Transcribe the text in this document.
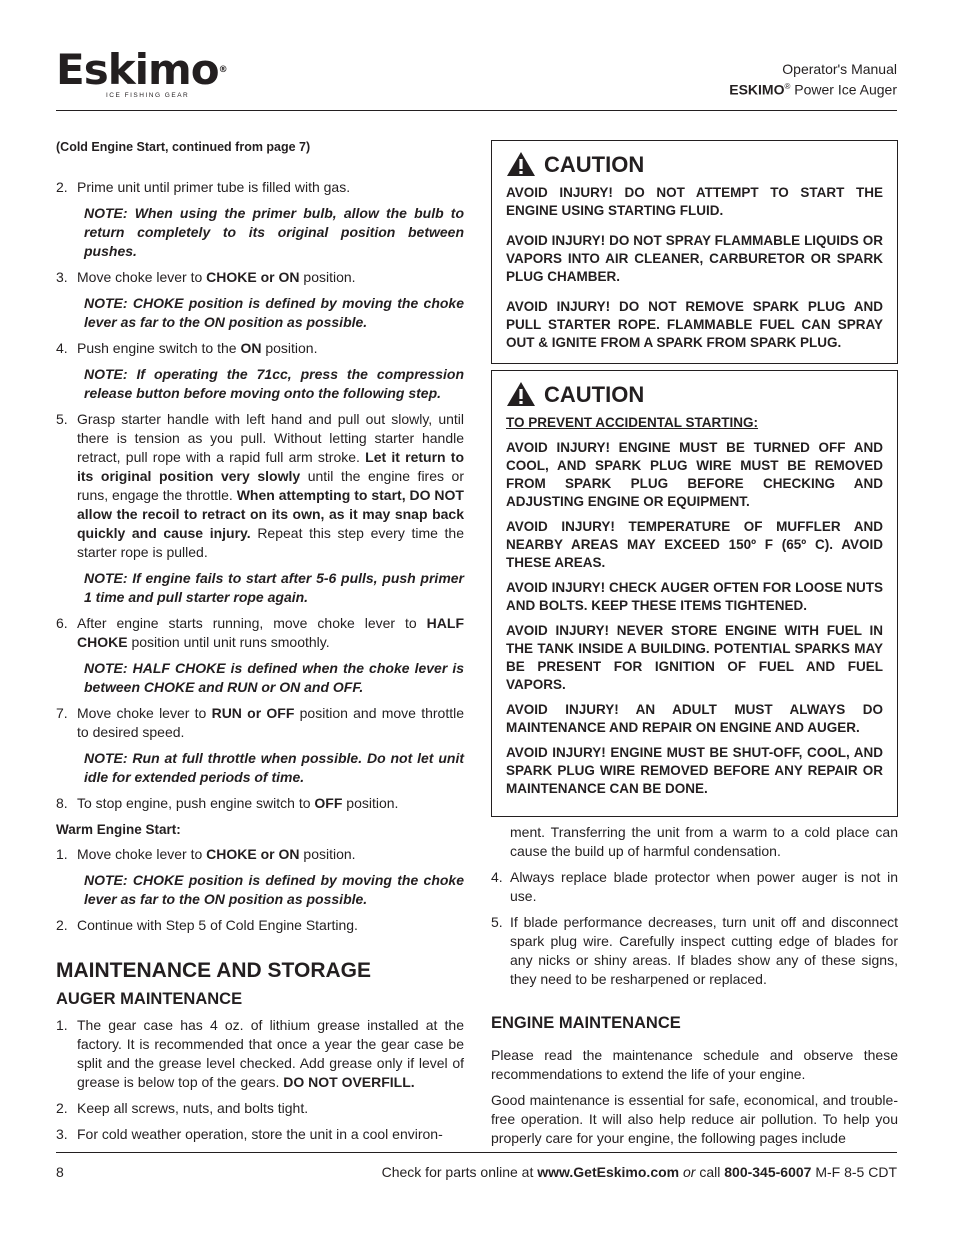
Eskimo®
ICE FISHING GEAR
Operator's Manual
ESKIMO® Power Ice Auger
(Cold Engine Start, continued from page 7)
2. Prime unit until primer tube is filled with gas.
NOTE: When using the primer bulb, allow the bulb to return completely to its original position between pushes.
3. Move choke lever to CHOKE or ON position.
NOTE: CHOKE position is defined by moving the choke lever as far to the ON position as possible.
4. Push engine switch to the ON position.
NOTE: If operating the 71cc, press the compression release button before moving onto the following step.
5. Grasp starter handle with left hand and pull out slowly, until there is tension as you pull. Without letting starter handle retract, pull rope with a rapid full arm stroke. Let it return to its original position very slowly until the engine fires or runs, engage the throttle. When attempting to start, DO NOT allow the recoil to retract on its own, as it may snap back quickly and cause injury. Repeat this step every time the starter rope is pulled.
NOTE: If engine fails to start after 5-6 pulls, push primer 1 time and pull starter rope again.
6. After engine starts running, move choke lever to HALF CHOKE position until unit runs smoothly.
NOTE: HALF CHOKE is defined when the choke lever is between CHOKE and RUN or ON and OFF.
7. Move choke lever to RUN or OFF position and move throttle to desired speed.
NOTE: Run at full throttle when possible. Do not let unit idle for extended periods of time.
8. To stop engine, push engine switch to OFF position.
Warm Engine Start:
1. Move choke lever to CHOKE or ON position.
NOTE: CHOKE position is defined by moving the choke lever as far to the ON position as possible.
2. Continue with Step 5 of Cold Engine Starting.
MAINTENANCE AND STORAGE
AUGER MAINTENANCE
1. The gear case has 4 oz. of lithium grease installed at the factory. It is recommended that once a year the gear case be split and the grease level checked. Add grease only if level of grease is below top of the gears. DO NOT OVERFILL.
2. Keep all screws, nuts, and bolts tight.
3. For cold weather operation, store the unit in a cool environ-
CAUTION

AVOID INJURY! DO NOT ATTEMPT TO START THE ENGINE USING STARTING FLUID.

AVOID INJURY! DO NOT SPRAY FLAMMABLE LIQUIDS OR VAPORS INTO AIR CLEANER, CARBURETOR OR SPARK PLUG CHAMBER.

AVOID INJURY! DO NOT REMOVE SPARK PLUG AND PULL STARTER ROPE. FLAMMABLE FUEL CAN SPRAY OUT & IGNITE FROM A SPARK FROM SPARK PLUG.

CAUTION

TO PREVENT ACCIDENTAL STARTING:

AVOID INJURY! ENGINE MUST BE TURNED OFF AND COOL, AND SPARK PLUG WIRE MUST BE REMOVED FROM SPARK PLUG BEFORE CHECKING AND ADJUSTING ENGINE OR EQUIPMENT.

AVOID INJURY! TEMPERATURE OF MUFFLER AND NEARBY AREAS MAY EXCEED 150º F (65º C). AVOID THESE AREAS.

AVOID INJURY! CHECK AUGER OFTEN FOR LOOSE NUTS AND BOLTS. KEEP THESE ITEMS TIGHTENED.

AVOID INJURY! NEVER STORE ENGINE WITH FUEL IN THE TANK INSIDE A BUILDING. POTENTIAL SPARKS MAY BE PRESENT FOR IGNITION OF FUEL AND FUEL VAPORS.

AVOID INJURY! AN ADULT MUST ALWAYS DO MAINTENANCE AND REPAIR ON ENGINE AND AUGER.

AVOID INJURY! ENGINE MUST BE SHUT-OFF, COOL, AND SPARK PLUG WIRE REMOVED BEFORE ANY REPAIR OR MAINTENANCE CAN BE DONE.

ment. Transferring the unit from a warm to a cold place can cause the build up of harmful condensation.
4. Always replace blade protector when power auger is not in use.
5. If blade performance decreases, turn unit off and disconnect spark plug wire. Carefully inspect cutting edge of blades for any nicks or shiny areas. If blades show any of these signs, they need to be resharpened or replaced.
ENGINE MAINTENANCE
Please read the maintenance schedule and observe these recommendations to extend the life of your engine.
Good maintenance is essential for safe, economical, and trouble-free operation. It will also help reduce air pollution. To help you properly care for your engine, the following pages include
8	Check for parts online at www.GetEskimo.com or call 800-345-6007 M-F 8-5 CDT
